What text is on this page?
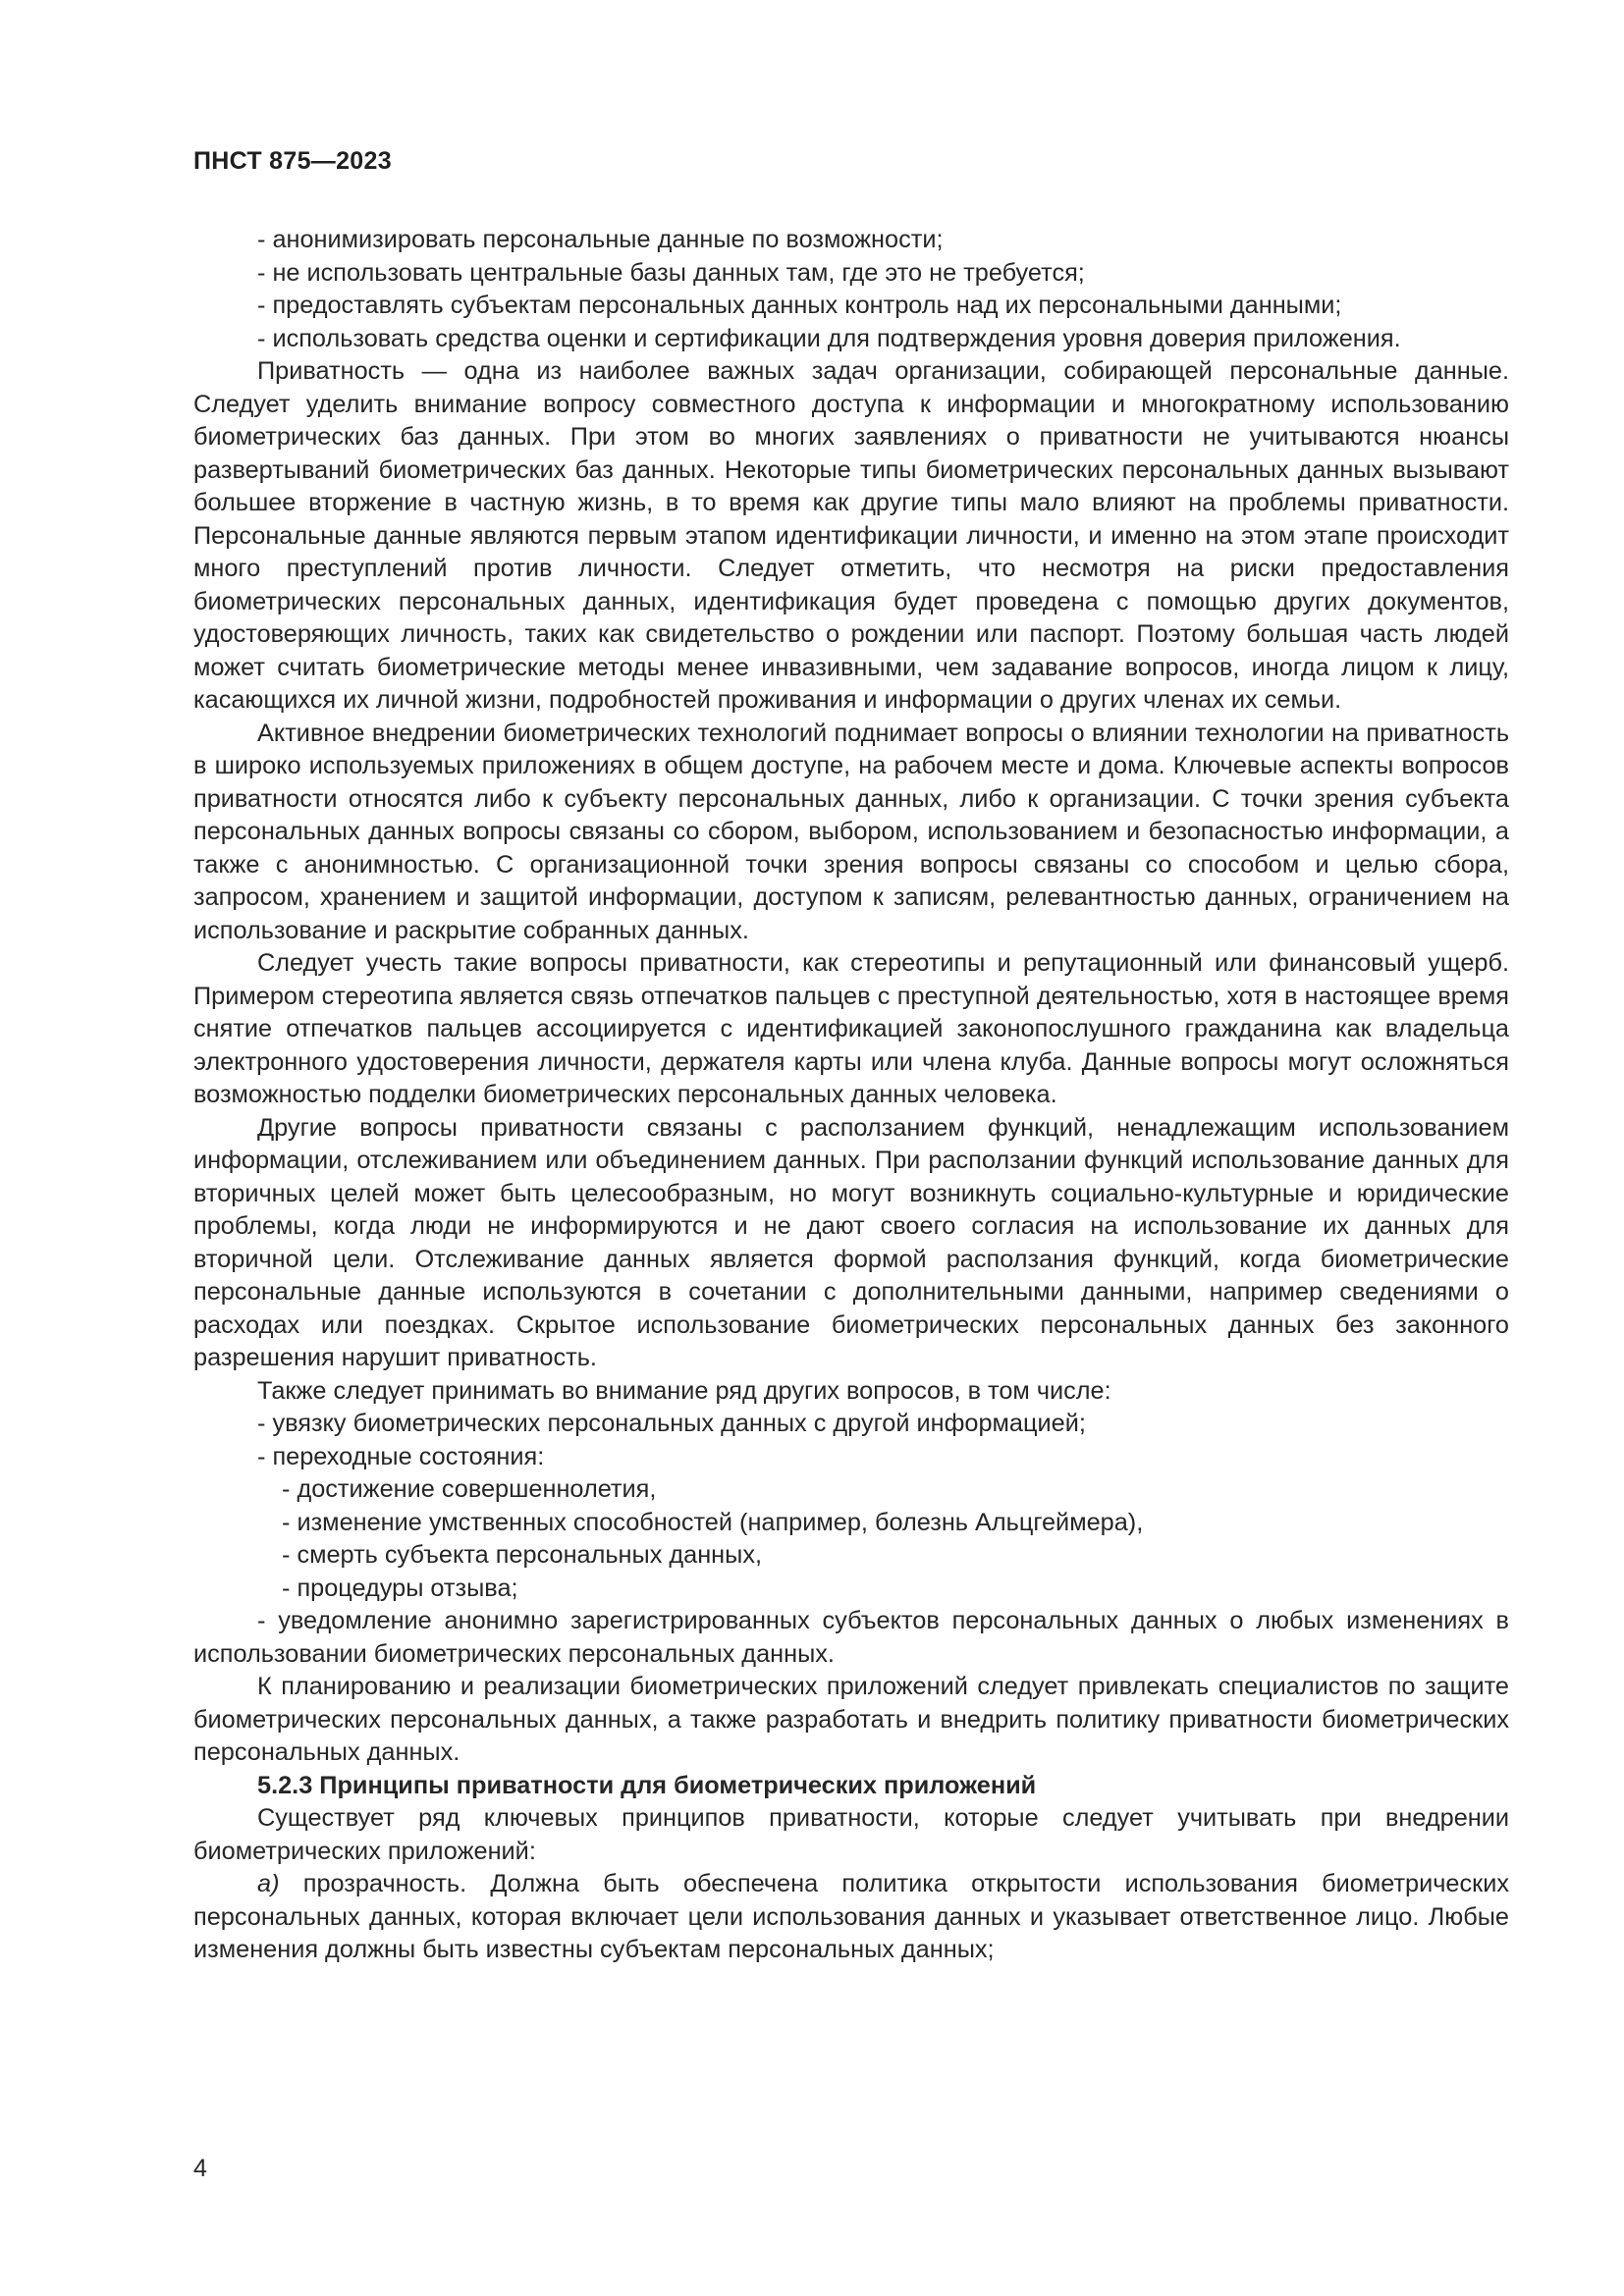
ПНСТ 875—2023

- анонимизировать персональные данные по возможности;

- не использовать центральные базы данных там, где это не требуется;

- предоставлять субъектам персональных данных контроль над их персональными данными;

- использовать средства оценки и сертификации для подтверждения уровня доверия приложения.

Приватность — одна из наиболее важных задач организации, собирающей персональные данные. Следует уделить внимание вопросу совместного доступа к информации и многократному использованию биометрических баз данных. При этом во многих заявлениях о приватности не учитываются нюансы развертываний биометрических баз данных. Некоторые типы биометрических персональных данных вызывают большее вторжение в частную жизнь, в то время как другие типы мало влияют на проблемы приватности. Персональные данные являются первым этапом идентификации личности, и именно на этом этапе происходит много преступлений против личности. Следует отметить, что несмотря на риски предоставления биометрических персональных данных, идентификация будет проведена с помощью других документов, удостоверяющих личность, таких как свидетельство о рождении или паспорт. Поэтому большая часть людей может считать биометрические методы менее инвазивными, чем задавание вопросов, иногда лицом к лицу, касающихся их личной жизни, подробностей проживания и информации о других членах их семьи.

Активное внедрении биометрических технологий поднимает вопросы о влиянии технологии на приватность в широко используемых приложениях в общем доступе, на рабочем месте и дома. Ключевые аспекты вопросов приватности относятся либо к субъекту персональных данных, либо к организации. С точки зрения субъекта персональных данных вопросы связаны со сбором, выбором, использованием и безопасностью информации, а также с анонимностью. С организационной точки зрения вопросы связаны со способом и целью сбора, запросом, хранением и защитой информации, доступом к записям, релевантностью данных, ограничением на использование и раскрытие собранных данных.

Следует учесть такие вопросы приватности, как стереотипы и репутационный или финансовый ущерб. Примером стереотипа является связь отпечатков пальцев с преступной деятельностью, хотя в настоящее время снятие отпечатков пальцев ассоциируется с идентификацией законопослушного гражданина как владельца электронного удостоверения личности, держателя карты или члена клуба. Данные вопросы могут осложняться возможностью подделки биометрических персональных данных человека.

Другие вопросы приватности связаны с расползанием функций, ненадлежащим использованием информации, отслеживанием или объединением данных. При расползании функций использование данных для вторичных целей может быть целесообразным, но могут возникнуть социально-культурные и юридические проблемы, когда люди не информируются и не дают своего согласия на использование их данных для вторичной цели. Отслеживание данных является формой расползания функций, когда биометрические персональные данные используются в сочетании с дополнительными данными, например сведениями о расходах или поездках. Скрытое использование биометрических персональных данных без законного разрешения нарушит приватность.

Также следует принимать во внимание ряд других вопросов, в том числе:

- увязку биометрических персональных данных с другой информацией;

- переходные состояния:

- достижение совершеннолетия,

- изменение умственных способностей (например, болезнь Альцгеймера),

- смерть субъекта персональных данных,

- процедуры отзыва;

- уведомление анонимно зарегистрированных субъектов персональных данных о любых изменениях в использовании биометрических персональных данных.

К планированию и реализации биометрических приложений следует привлекать специалистов по защите биометрических персональных данных, а также разработать и внедрить политику приватности биометрических персональных данных.

5.2.3 Принципы приватности для биометрических приложений

Существует ряд ключевых принципов приватности, которые следует учитывать при внедрении биометрических приложений:

а) прозрачность. Должна быть обеспечена политика открытости использования биометрических персональных данных, которая включает цели использования данных и указывает ответственное лицо. Любые изменения должны быть известны субъектам персональных данных;

4
